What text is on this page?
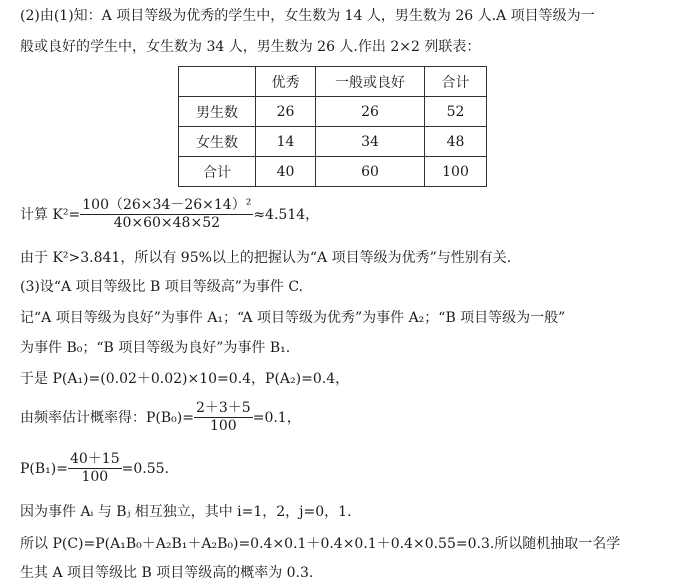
(2)由(1)知：A 项目等级为优秀的学生中，女生数为 14 人，男生数为 26 人.A 项目等级为一
般或良好的学生中，女生数为 34 人，男生数为 26 人.作出 2×2 列联表：
	优秀	一般或良好	合计
男生数	26	26	52
女生数	14	34	48
合计	40	60	100
计算 $K^2= \frac{\text{100（26×34－26×14）²}}{40\times 60\times 48\times 52} \approx 4.514$，
由于 K²>3.841，所以有 95%以上的把握认为“A 项目等级为优秀”与性别有关.
(3)设“A 项目等级比 B 项目等级高”为事件 C.
记“A 项目等级为良好”为事件 A₁；“A 项目等级为优秀”为事件 A₂；“B 项目等级为一般”
为事件 B₀；“B 项目等级为良好”为事件 B₁.
于是 P(A₁)=(0.02＋0.02)×10=0.4，P(A₂)=0.4，
由频率估计概率得：$P(B_0)= \frac{2+3+5}{100} =0.1$，
$P(B_1)= \frac{40+15}{100} =0.55$.
因为事件 Aᵢ 与 Bⱼ 相互独立，其中 i=1，2，j=0，1.
所以 P(C)=P(A₁B₀＋A₂B₁＋A₂B₀)=0.4×0.1＋0.4×0.1＋0.4×0.55=0.3.所以随机抽取一名学
生其 A 项目等级比 B 项目等级高的概率为 0.3.
